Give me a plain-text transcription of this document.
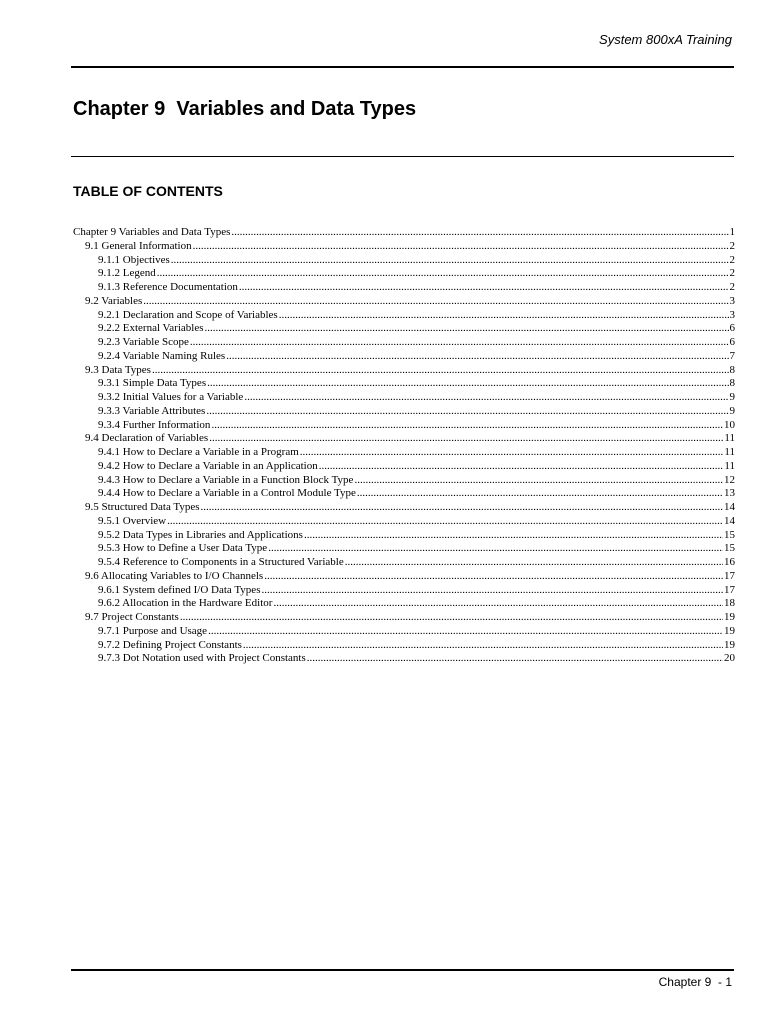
System 800xA Training
Chapter 9  Variables and Data Types
TABLE OF CONTENTS
Chapter 9 Variables and Data Types .....	1
9.1 General Information .....	2
9.1.1 Objectives .....	2
9.1.2 Legend .....	2
9.1.3 Reference Documentation .....	2
9.2 Variables .....	3
9.2.1 Declaration and Scope of Variables .....	3
9.2.2 External Variables .....	6
9.2.3 Variable Scope .....	6
9.2.4 Variable Naming Rules .....	7
9.3 Data Types .....	8
9.3.1 Simple Data Types .....	8
9.3.2 Initial Values for a Variable .....	9
9.3.3 Variable Attributes .....	9
9.3.4 Further Information .....	10
9.4 Declaration of Variables .....	11
9.4.1 How to Declare a Variable in a Program .....	11
9.4.2 How to Declare a Variable in an Application .....	11
9.4.3 How to Declare a Variable in a Function Block Type .....	12
9.4.4 How to Declare a Variable in a Control Module Type .....	13
9.5 Structured Data Types .....	14
9.5.1 Overview .....	14
9.5.2 Data Types in Libraries and Applications .....	15
9.5.3 How to Define a User Data Type .....	15
9.5.4 Reference to Components in a Structured Variable .....	16
9.6 Allocating Variables to I/O Channels .....	17
9.6.1 System defined I/O Data Types .....	17
9.6.2 Allocation in the Hardware Editor .....	18
9.7 Project Constants .....	19
9.7.1 Purpose and Usage .....	19
9.7.2 Defining Project Constants .....	19
9.7.3 Dot Notation used with Project Constants .....	20
Chapter 9  - 1
